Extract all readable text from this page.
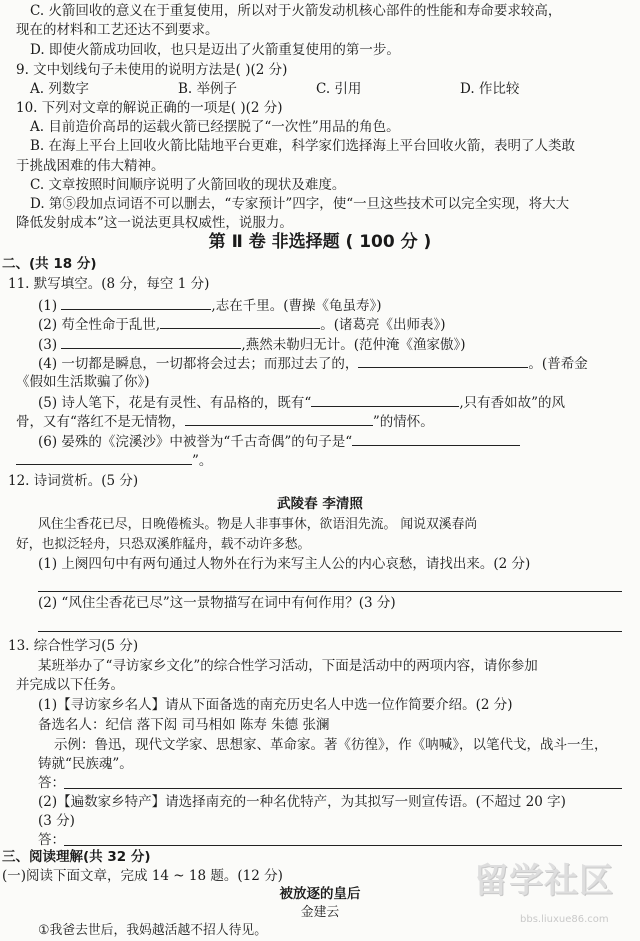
C. 火箭回收的意义在于重复使用，所以对于火箭发动机核心部件的性能和寿命要求较高，
现在的材料和工艺还达不到要求。
D. 即使火箭成功回收，也只是迈出了火箭重复使用的第一步。
9. 文中划线句子未使用的说明方法是( )(2 分)
A. 列数字	B. 举例子	C. 引用	D. 作比较
10. 下列对文章的解说正确的一项是( )(2 分)
A. 目前造价高昂的运载火箭已经摆脱了“一次性”用品的角色。
B. 在海上平台上回收火箭比陆地平台更难，科学家们选择海上平台回收火箭，表明了人类敢
于挑战困难的伟大精神。
C. 文章按照时间顺序说明了火箭回收的现状及难度。
D. 第⑤段加点词语不可以删去，“专家预计”四字，使“一旦这些技术可以完全实现，将大大
降低发射成本”这一说法更具权威性，说服力。
第 Ⅱ 卷 非选择题 ( 100 分 )
二、(共 18 分)
11. 默写填空。(8 分，每空 1 分)
(1)	,志在千里。(曹操《龟虽寿》)
(2) 苟全性命于乱世,	。(诸葛亮《出师表》)
(3)	,燕然未勒归无计。(范仲淹《渔家傲》)
(4) 一切都是瞬息，一切都将会过去；而那过去了的，	。(普希金
《假如生活欺骗了你》)
(5) 诗人笔下，花是有灵性、有品格的，既有“	,只有香如故”的风
骨，又有“落红不是无情物，	”的情怀。
(6) 晏殊的《浣溪沙》中被誉为“千古奇偶”的句子是“
”。
12. 诗词赏析。(5 分)
武陵春 李清照
风住尘香花已尽，日晚倦梳头。物是人非事事休，欲语泪先流。 闻说双溪春尚
好，也拟泛轻舟，只恐双溪舴艋舟，载不动许多愁。
(1) 上阕四句中有两句通过人物外在行为来写主人公的内心哀愁，请找出来。(2 分)
(2) “风住尘香花已尽”这一景物描写在词中有何作用？(3 分)
13. 综合性学习(5 分)
某班举办了“寻访家乡文化”的综合性学习活动，下面是活动中的两项内容，请你参加
并完成以下任务。
(1)【寻访家乡名人】请从下面备选的南充历史名人中选一位作简要介绍。(2 分)
备选名人：纪信 落下闳 司马相如 陈寿 朱德 张澜
示例：鲁迅，现代文学家、思想家、革命家。著《彷徨》，作《呐喊》，以笔代戈，战斗一生，
铸就“民族魂”。
答：
(2)【遍数家乡特产】请选择南充的一种名优特产，为其拟写一则宣传语。(不超过 20 字)
(3 分)
答：
三、阅读理解(共 32 分)
(一)阅读下面文章，完成 14 ~ 18 题。(12 分)
被放逐的皇后
金建云
①我爸去世后，我妈越活越不招人待见。
留学社区
bbs.liuxue86.com
